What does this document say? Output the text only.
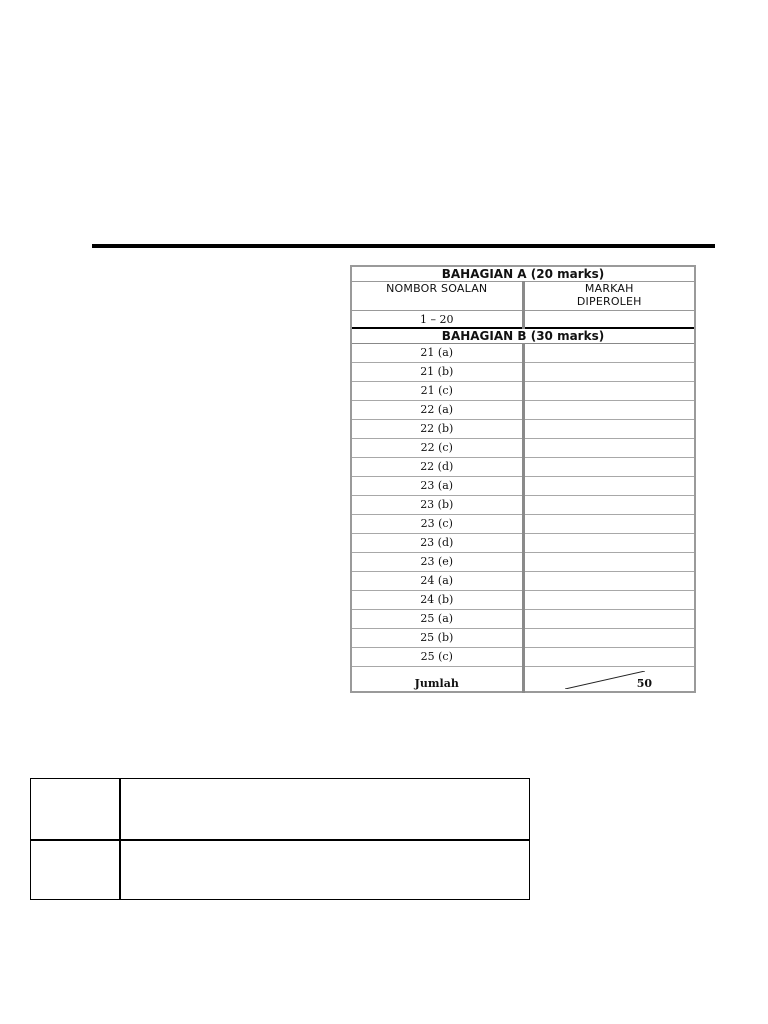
BAHAGIAN A (20 marks)	
NOMBOR SOALAN	MARKAH
DIPEROLEH

1 – 20	
BAHAGIAN B (30 marks)	
21 (a)	
21 (b)	
21 (c)	
22 (a)	
22 (b)	
22 (c)	
22 (d)	
23 (a)	
23 (b)	
23 (c)	
23 (d)	
23 (e)	
24 (a)	
24 (b)	
25 (a)	
25 (b)	
25 (c)	
Jumlah	50
